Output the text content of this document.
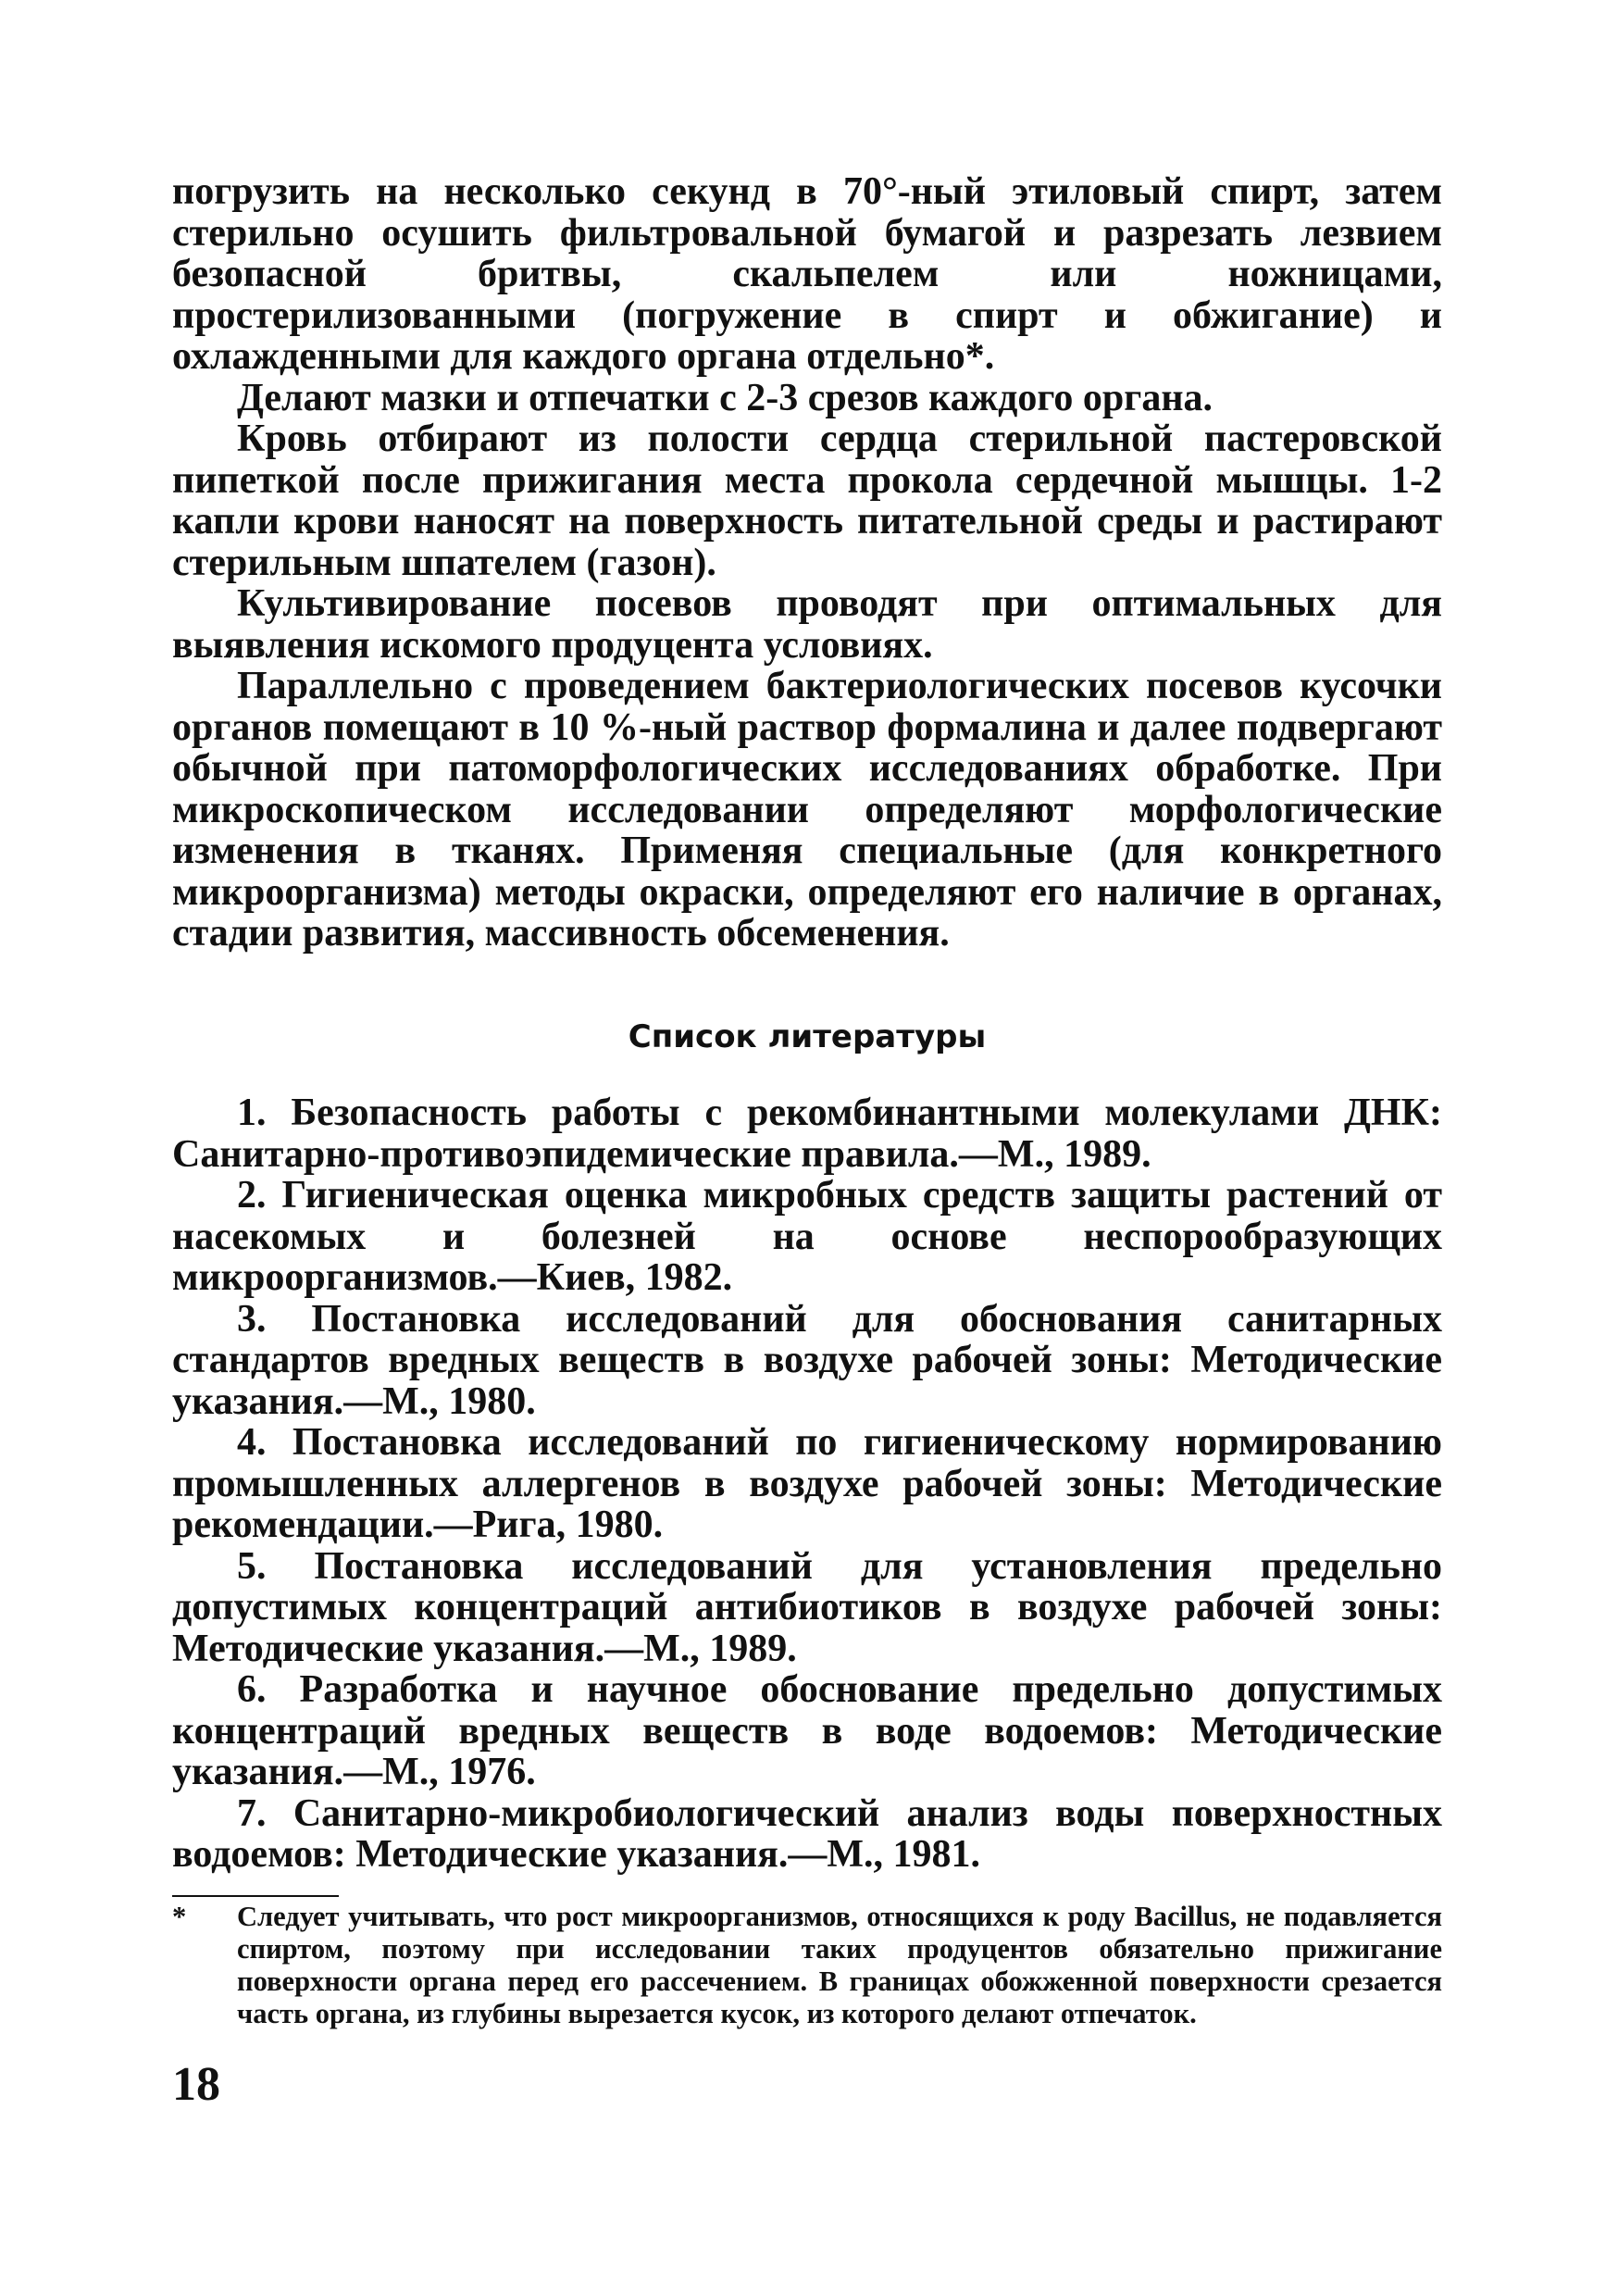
погрузить на несколько секунд в 70°-ный этиловый спирт, затем стерильно осушить фильтровальной бумагой и разрезать лезвием безопасной бритвы, скальпелем или ножницами, простерилизованными (погружение в спирт и обжигание) и охлажденными для каждого органа отдельно*.

Делают мазки и отпечатки с 2-3 срезов каждого органа.

Кровь отбирают из полости сердца стерильной пастеровской пипеткой после прижигания места прокола сердечной мышцы. 1-2 капли крови наносят на поверхность питательной среды и растирают стерильным шпателем (газон).

Культивирование посевов проводят при оптимальных для выявления искомого продуцента условиях.

Параллельно с проведением бактериологических посевов кусочки органов помещают в 10 %-ный раствор формалина и далее подвергают обычной при патоморфологических исследованиях обработке. При микроскопическом исследовании определяют морфологические изменения в тканях. Применяя специальные (для конкретного микроорганизма) методы окраски, определяют его наличие в органах, стадии развития, массивность обсеменения.

Список литературы

1. Безопасность работы с рекомбинантными молекулами ДНК: Санитарно-противоэпидемические правила.—М., 1989.

2. Гигиеническая оценка микробных средств защиты растений от насекомых и болезней на основе неспорообразующих микроорганизмов.—Киев, 1982.

3. Постановка исследований для обоснования санитарных стандартов вредных веществ в воздухе рабочей зоны: Методические указания.—М., 1980.

4. Постановка исследований по гигиеническому нормированию промышленных аллергенов в воздухе рабочей зоны: Методические рекомендации.—Рига, 1980.

5. Постановка исследований для установления предельно допустимых концентраций антибиотиков в воздухе рабочей зоны: Методические указания.—М., 1989.

6. Разработка и научное обоснование предельно допустимых концентраций вредных веществ в воде водоемов: Методические указания.—М., 1976.

7. Санитарно-микробиологический анализ воды поверхностных водоемов: Методические указания.—М., 1981.

* Следует учитывать, что рост микроорганизмов, относящихся к роду Bacillus, не подавляется спиртом, поэтому при исследовании таких продуцентов обязательно прижигание поверхности органа перед его рассечением. В границах обожженной поверхности срезается часть органа, из глубины вырезается кусок, из которого делают отпечаток.
18
